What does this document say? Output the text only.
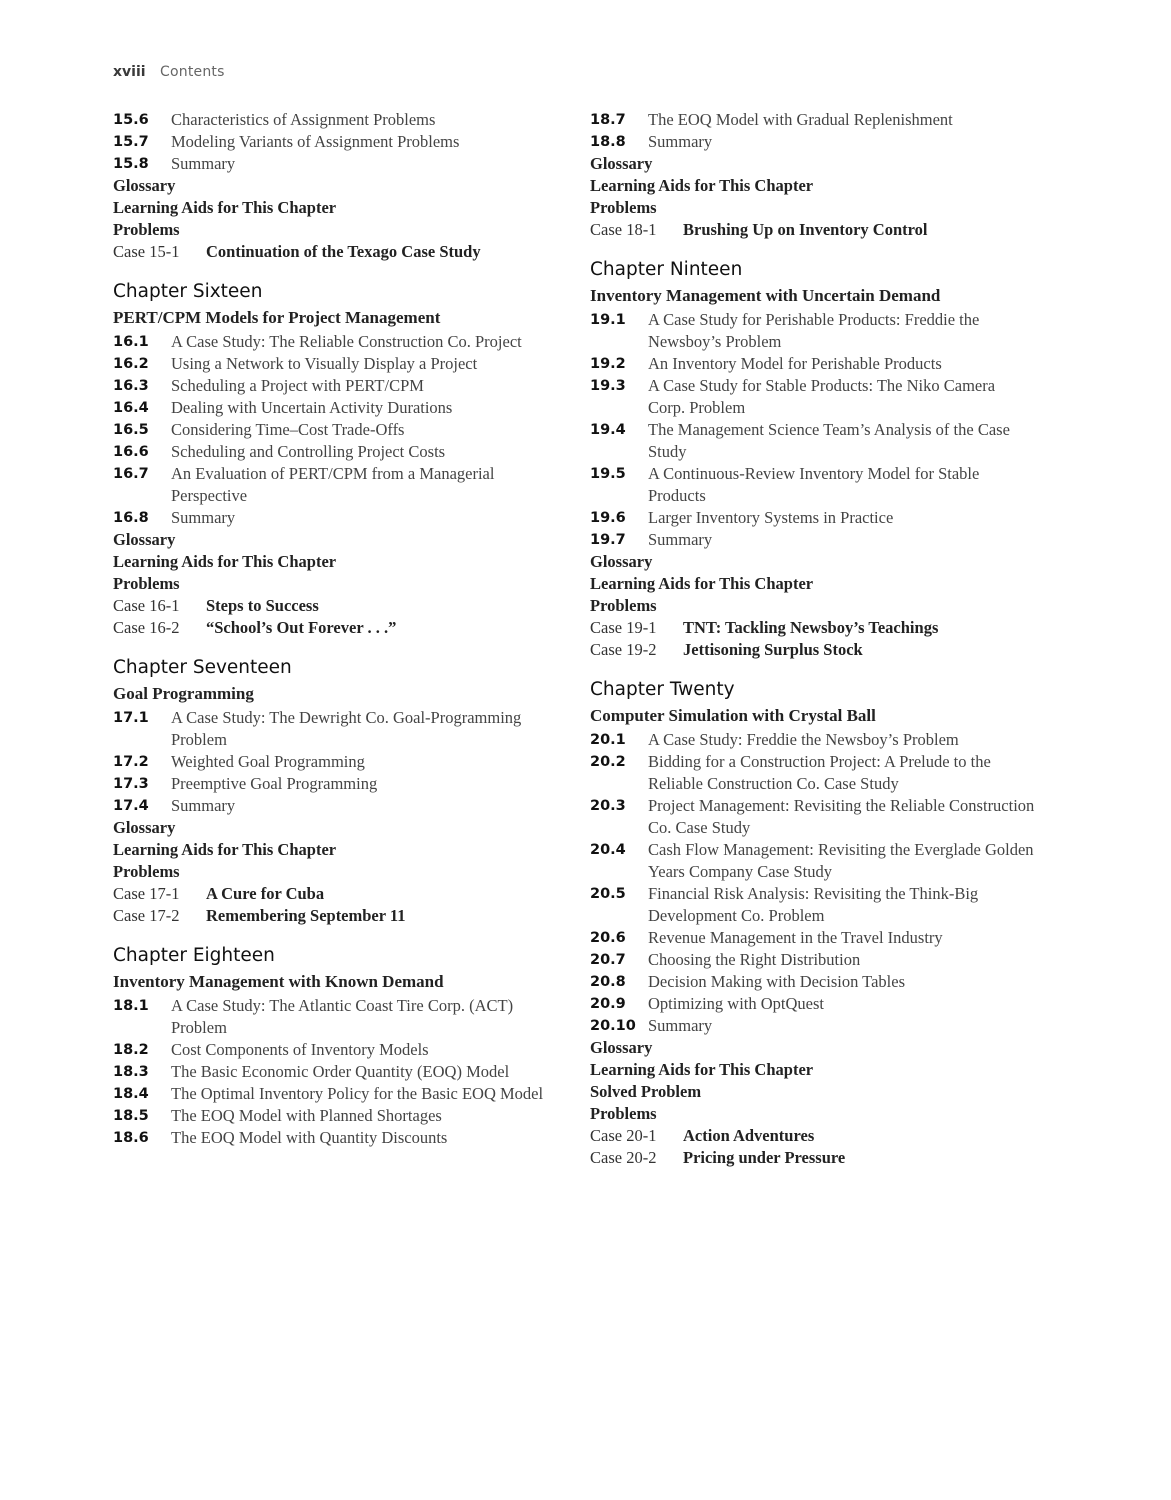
xviii Contents
15.6	Characteristics of Assignment Problems
15.7	Modeling Variants of Assignment Problems
15.8	Summary
Glossary
Learning Aids for This Chapter
Problems
Case 15-1	Continuation of the Texago Case Study
Chapter Sixteen
PERT/CPM Models for Project Management
16.1	A Case Study: The Reliable Construction Co. Project
16.2	Using a Network to Visually Display a Project
16.3	Scheduling a Project with PERT/CPM
16.4	Dealing with Uncertain Activity Durations
16.5	Considering Time–Cost Trade-Offs
16.6	Scheduling and Controlling Project Costs
16.7	An Evaluation of PERT/CPM from a Managerial Perspective
16.8	Summary
Glossary
Learning Aids for This Chapter
Problems
Case 16-1	Steps to Success
Case 16-2	“School’s Out Forever . . .”
Chapter Seventeen
Goal Programming
17.1	A Case Study: The Dewright Co. Goal-Programming Problem
17.2	Weighted Goal Programming
17.3	Preemptive Goal Programming
17.4	Summary
Glossary
Learning Aids for This Chapter
Problems
Case 17-1	A Cure for Cuba
Case 17-2	Remembering September 11
Chapter Eighteen
Inventory Management with Known Demand
18.1	A Case Study: The Atlantic Coast Tire Corp. (ACT) Problem
18.2	Cost Components of Inventory Models
18.3	The Basic Economic Order Quantity (EOQ) Model
18.4	The Optimal Inventory Policy for the Basic EOQ Model
18.5	The EOQ Model with Planned Shortages
18.6	The EOQ Model with Quantity Discounts
18.7	The EOQ Model with Gradual Replenishment
18.8	Summary
Glossary
Learning Aids for This Chapter
Problems
Case 18-1	Brushing Up on Inventory Control
Chapter Ninteen
Inventory Management with Uncertain Demand
19.1	A Case Study for Perishable Products: Freddie the Newsboy’s Problem
19.2	An Inventory Model for Perishable Products
19.3	A Case Study for Stable Products: The Niko Camera Corp. Problem
19.4	The Management Science Team’s Analysis of the Case Study
19.5	A Continuous-Review Inventory Model for Stable Products
19.6	Larger Inventory Systems in Practice
19.7	Summary
Glossary
Learning Aids for This Chapter
Problems
Case 19-1	TNT: Tackling Newsboy’s Teachings
Case 19-2	Jettisoning Surplus Stock
Chapter Twenty
Computer Simulation with Crystal Ball
20.1	A Case Study: Freddie the Newsboy’s Problem
20.2	Bidding for a Construction Project: A Prelude to the Reliable Construction Co. Case Study
20.3	Project Management: Revisiting the Reliable Construction Co. Case Study
20.4	Cash Flow Management: Revisiting the Everglade Golden Years Company Case Study
20.5	Financial Risk Analysis: Revisiting the Think-Big Development Co. Problem
20.6	Revenue Management in the Travel Industry
20.7	Choosing the Right Distribution
20.8	Decision Making with Decision Tables
20.9	Optimizing with OptQuest
20.10 Summary
Glossary
Learning Aids for This Chapter
Solved Problem
Problems
Case 20-1	Action Adventures
Case 20-2	Pricing under Pressure
